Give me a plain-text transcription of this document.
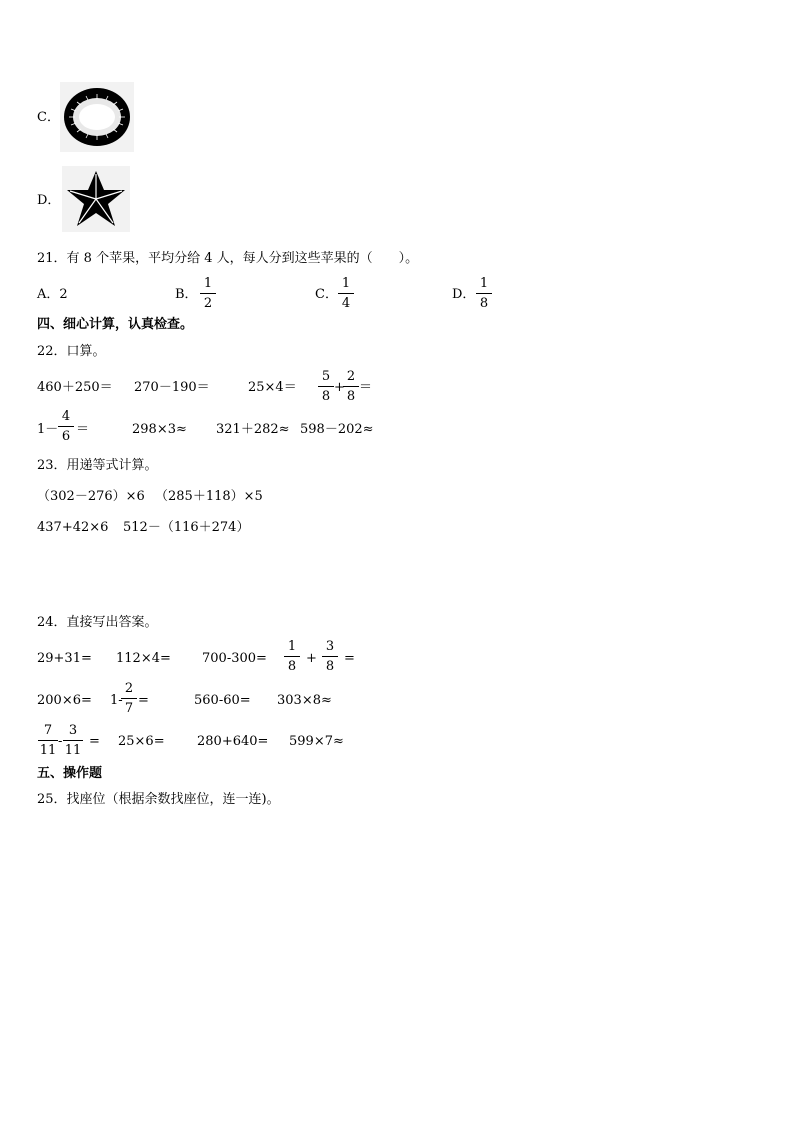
C．
D．
21．有 8 个苹果，平均分给 4 人，每人分到这些苹果的（　　）。
A．2	B．
1
2
C．
1
4
D．
1
8
四、细心计算，认真检查。
22．口算。
460＋250＝ 270－190＝	25×4＝
5
8
+
2
8
＝
1－
4
6 ＝	298×3≈ 321＋282≈ 598－202≈
23．用递等式计算。
（302－276）×6 （285＋118）×5
437+42×6 512－（116＋274）
24．直接写出答案。
29+31= 112×4= 700-300=
1
8
+
3
8
=
200×6= 1-
2
7
=	560-60= 303×8≈
7
11
-
3
11
= 25×6= 280+640= 599×7≈
五、操作题
25．找座位（根据余数找座位，连一连)。
